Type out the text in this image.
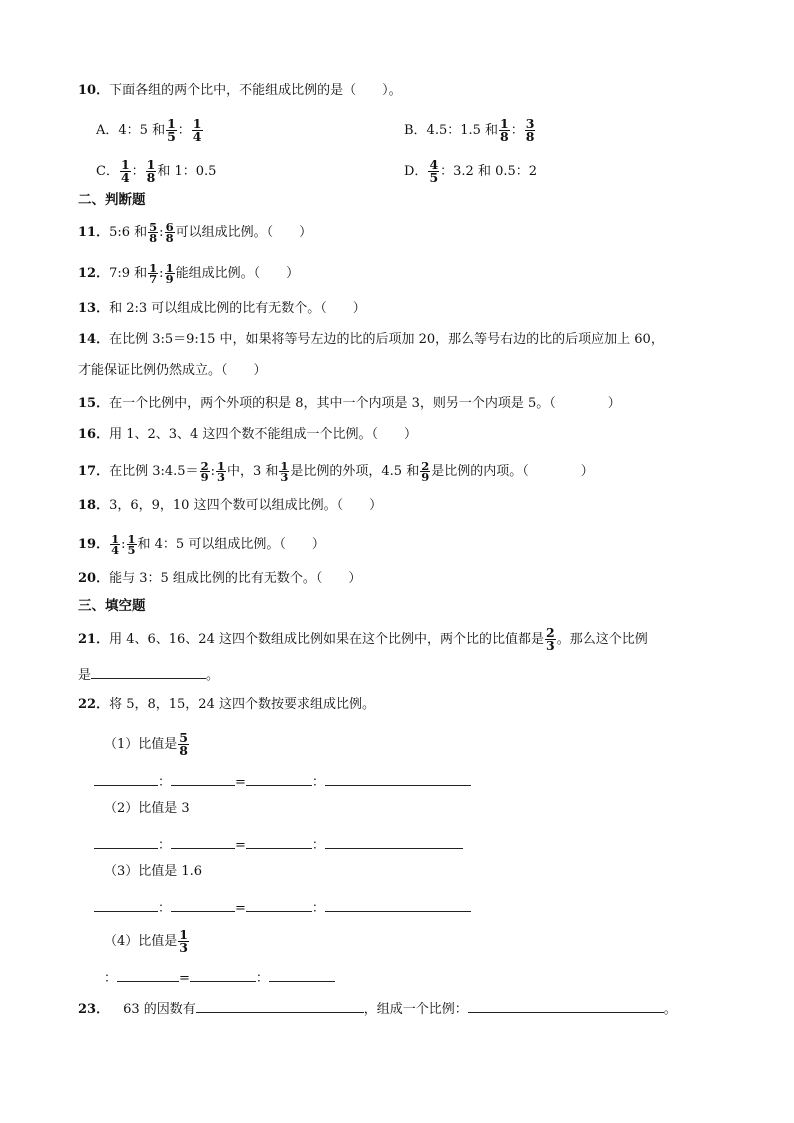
10．下面各组的两个比中，不能组成比例的是（　　）。
A．4：5 和 $\frac{1}{5}$ ： $\frac{1}{4}$	B．4.5：1.5 和 $\frac{1}{8}$ ： $\frac{3}{8}$
C． $\frac{1}{4}$ ： $\frac{1}{8}$ 和 1：0.5	D． $\frac{4}{5}$ ：3.2 和 0.5：2
二、判断题
11．5:6 和 $\frac{5}{8}$ : $\frac{6}{8}$ 可以组成比例。（　　）
12．7:9 和 $\frac{1}{7}$ : $\frac{1}{9}$ 能组成比例。（　　）
13．和 2:3 可以组成比例的比有无数个。（　　）
14．在比例 3:5＝9:15 中，如果将等号左边的比的后项加 20，那么等号右边的比的后项应加上 60，
才能保证比例仍然成立。（　　）
15．在一个比例中，两个外项的积是 8，其中一个内项是 3，则另一个内项是 5。（　　　　）
16．用 1、2、3、4 这四个数不能组成一个比例。（　　）
17．在比例 3:4.5＝ $\frac{2}{9}$ : $\frac{1}{3}$ 中，3 和 $\frac{1}{3}$ 是比例的外项，4.5 和 $\frac{2}{9}$ 是比例的内项。（　　　　）
18．3，6，9，10 这四个数可以组成比例。（　　）
19． $\frac{1}{4}$ : $\frac{1}{5}$ 和 4：5 可以组成比例。（　　）
20．能与 3：5 组成比例的比有无数个。（　　）
三、填空题
21．用 4、6、16、24 这四个数组成比例如果在这个比例中，两个比的比值都是 $\frac{2}{3}$ 。那么这个比例
是	。
22．将 5，8，15，24 这四个数按要求组成比例。
（1）比值是 $\frac{5}{8}$
：	=	：
（2）比值是 3
：	=	：
（3）比值是 1.6
：	=	：
（4）比值是 $\frac{1}{3}$
：	=	：
23． 63 的因数有	，组成一个比例：	。
